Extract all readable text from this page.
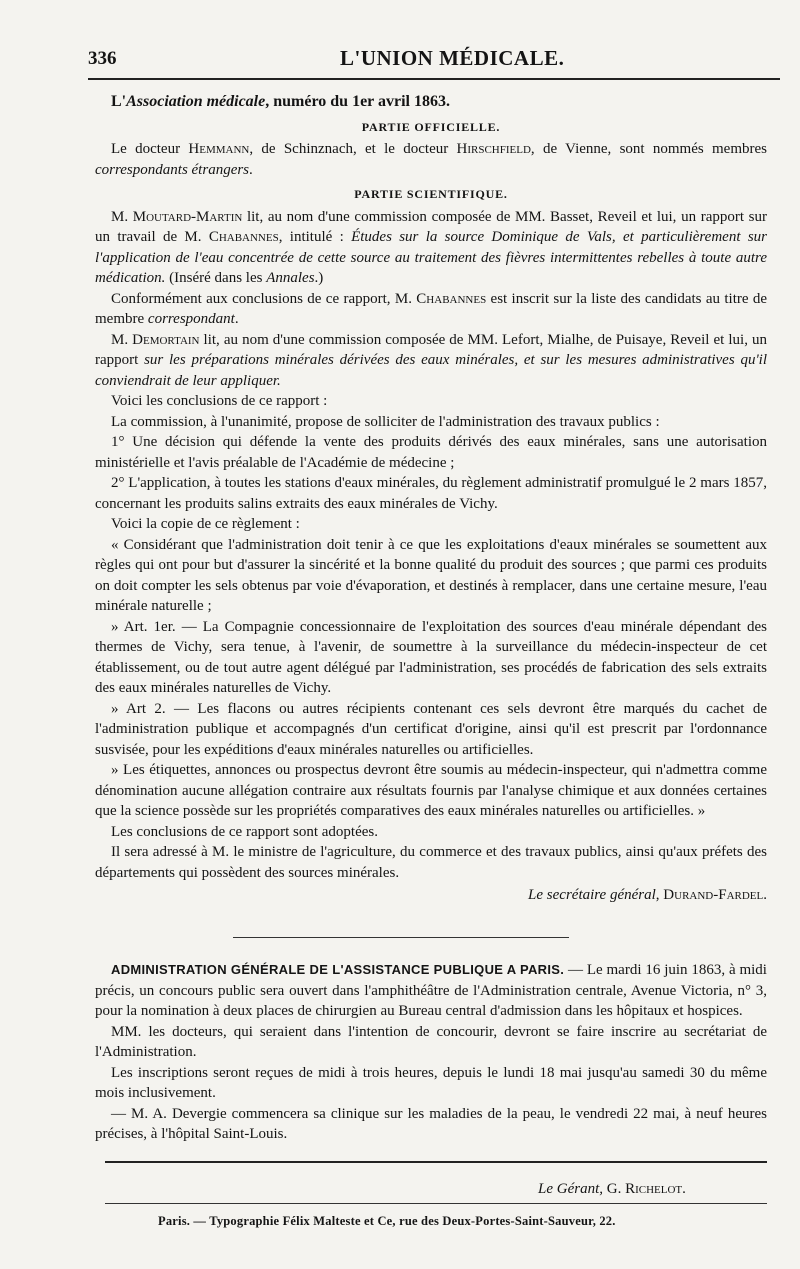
336	L'UNION MÉDICALE.

L'Association médicale, numéro du 1er avril 1863.

PARTIE OFFICIELLE.

Le docteur Hemmann, de Schinznach, et le docteur Hirschfield, de Vienne, sont nommés membres correspondants étrangers.

PARTIE SCIENTIFIQUE.

M. Moutard-Martin lit, au nom d'une commission composée de MM. Basset, Reveil et lui, un rapport sur un travail de M. Chabannes, intitulé : Études sur la source Dominique de Vals, et particulièrement sur l'application de l'eau concentrée de cette source au traitement des fièvres intermittentes rebelles à toute autre médication. (Inséré dans les Annales.)

Conformément aux conclusions de ce rapport, M. Chabannes est inscrit sur la liste des candidats au titre de membre correspondant.

M. Demortain lit, au nom d'une commission composée de MM. Lefort, Mialhe, de Puisaye, Reveil et lui, un rapport sur les préparations minérales dérivées des eaux minérales, et sur les mesures administratives qu'il conviendrait de leur appliquer.

Voici les conclusions de ce rapport :

La commission, à l'unanimité, propose de solliciter de l'administration des travaux publics :

1° Une décision qui défende la vente des produits dérivés des eaux minérales, sans une autorisation ministérielle et l'avis préalable de l'Académie de médecine ;

2° L'application, à toutes les stations d'eaux minérales, du règlement administratif promulgué le 2 mars 1857, concernant les produits salins extraits des eaux minérales de Vichy.

Voici la copie de ce règlement :

« Considérant que l'administration doit tenir à ce que les exploitations d'eaux minérales se soumettent aux règles qui ont pour but d'assurer la sincérité et la bonne qualité du produit des sources ; que parmi ces produits on doit compter les sels obtenus par voie d'évaporation, et destinés à remplacer, dans une certaine mesure, l'eau minérale naturelle ;

» Art. 1er. — La Compagnie concessionnaire de l'exploitation des sources d'eau minérale dépendant des thermes de Vichy, sera tenue, à l'avenir, de soumettre à la surveillance du médecin-inspecteur de cet établissement, ou de tout autre agent délégué par l'administration, ses procédés de fabrication des sels extraits des eaux minérales naturelles de Vichy.

» Art 2. — Les flacons ou autres récipients contenant ces sels devront être marqués du cachet de l'administration publique et accompagnés d'un certificat d'origine, ainsi qu'il est prescrit par l'ordonnance susvisée, pour les expéditions d'eaux minérales naturelles ou artificielles.

» Les étiquettes, annonces ou prospectus devront être soumis au médecin-inspecteur, qui n'admettra comme dénomination aucune allégation contraire aux résultats fournis par l'analyse chimique et aux données certaines que la science possède sur les propriétés comparatives des eaux minérales naturelles ou artificielles. »

Les conclusions de ce rapport sont adoptées.

Il sera adressé à M. le ministre de l'agriculture, du commerce et des travaux publics, ainsi qu'aux préfets des départements qui possèdent des sources minérales.

Le secrétaire général, Durand-Fardel.

ADMINISTRATION GÉNÉRALE DE L'ASSISTANCE PUBLIQUE A PARIS. — Le mardi 16 juin 1863, à midi précis, un concours public sera ouvert dans l'amphithéâtre de l'Administration centrale, Avenue Victoria, n° 3, pour la nomination à deux places de chirurgien au Bureau central d'admission dans les hôpitaux et hospices.

MM. les docteurs, qui seraient dans l'intention de concourir, devront se faire inscrire au secrétariat de l'Administration.

Les inscriptions seront reçues de midi à trois heures, depuis le lundi 18 mai jusqu'au samedi 30 du même mois inclusivement.

— M. A. Devergie commencera sa clinique sur les maladies de la peau, le vendredi 22 mai, à neuf heures précises, à l'hôpital Saint-Louis.

Le Gérant, G. Richelot.
Paris. — Typographie Félix Malteste et Ce, rue des Deux-Portes-Saint-Sauveur, 22.
